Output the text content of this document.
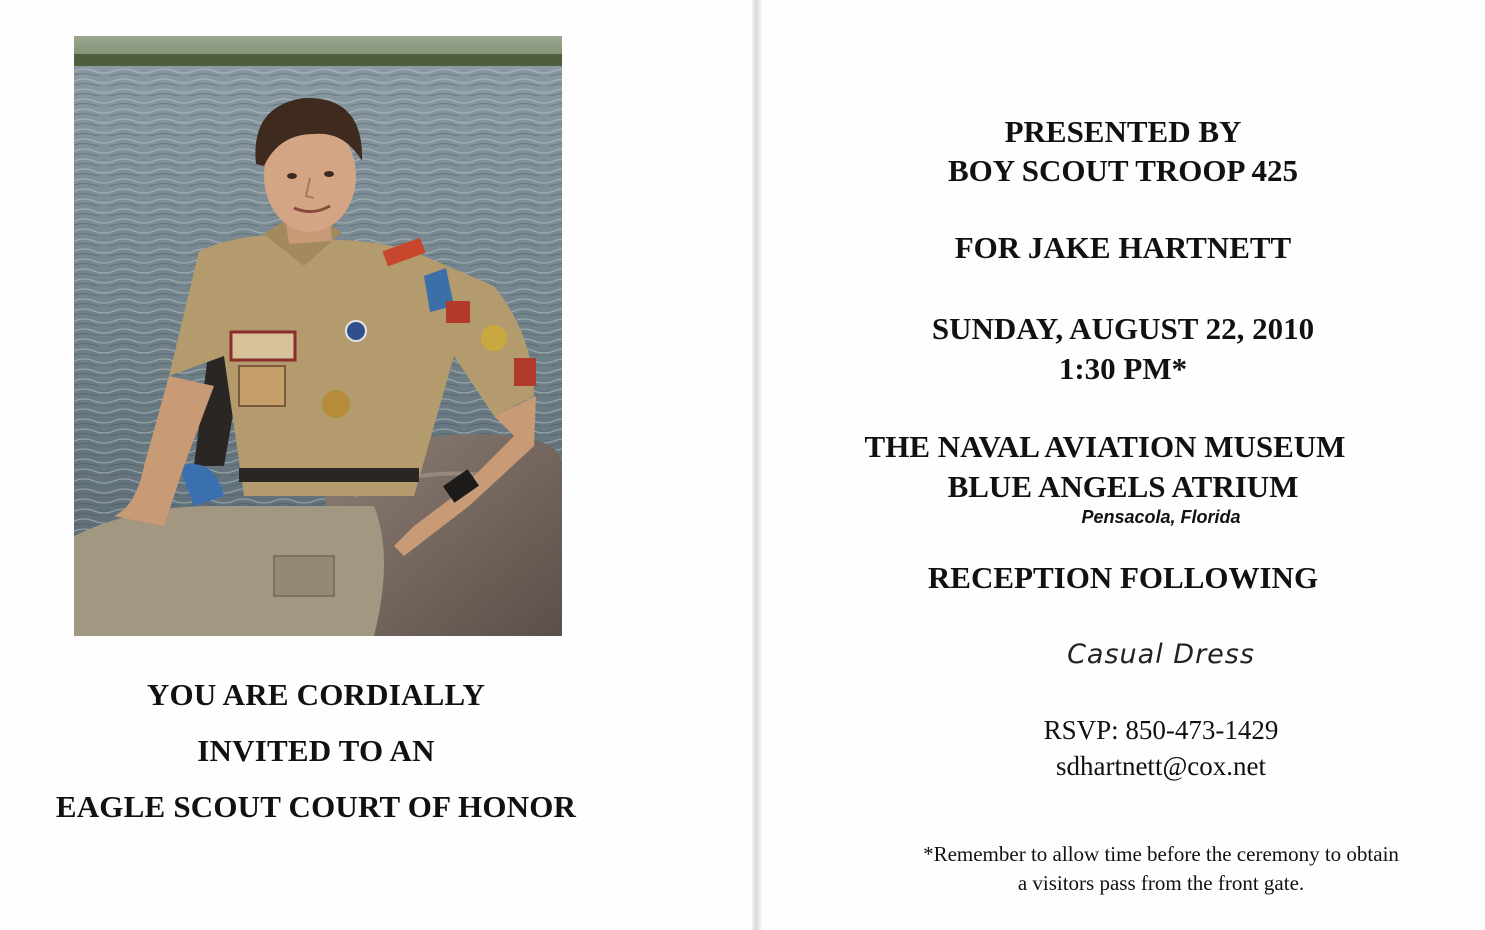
YOU ARE CORDIALLY
INVITED TO AN
EAGLE SCOUT COURT OF HONOR
PRESENTED BY
BOY SCOUT TROOP 425
FOR JAKE HARTNETT
SUNDAY, AUGUST 22, 2010
1:30 PM*
THE NAVAL AVIATION MUSEUM
BLUE ANGELS ATRIUM
Pensacola, Florida
RECEPTION FOLLOWING
Casual Dress
RSVP: 850-473-1429
sdhartnett@cox.net
*Remember to allow time before the ceremony to obtain
a visitors pass from the front gate.
